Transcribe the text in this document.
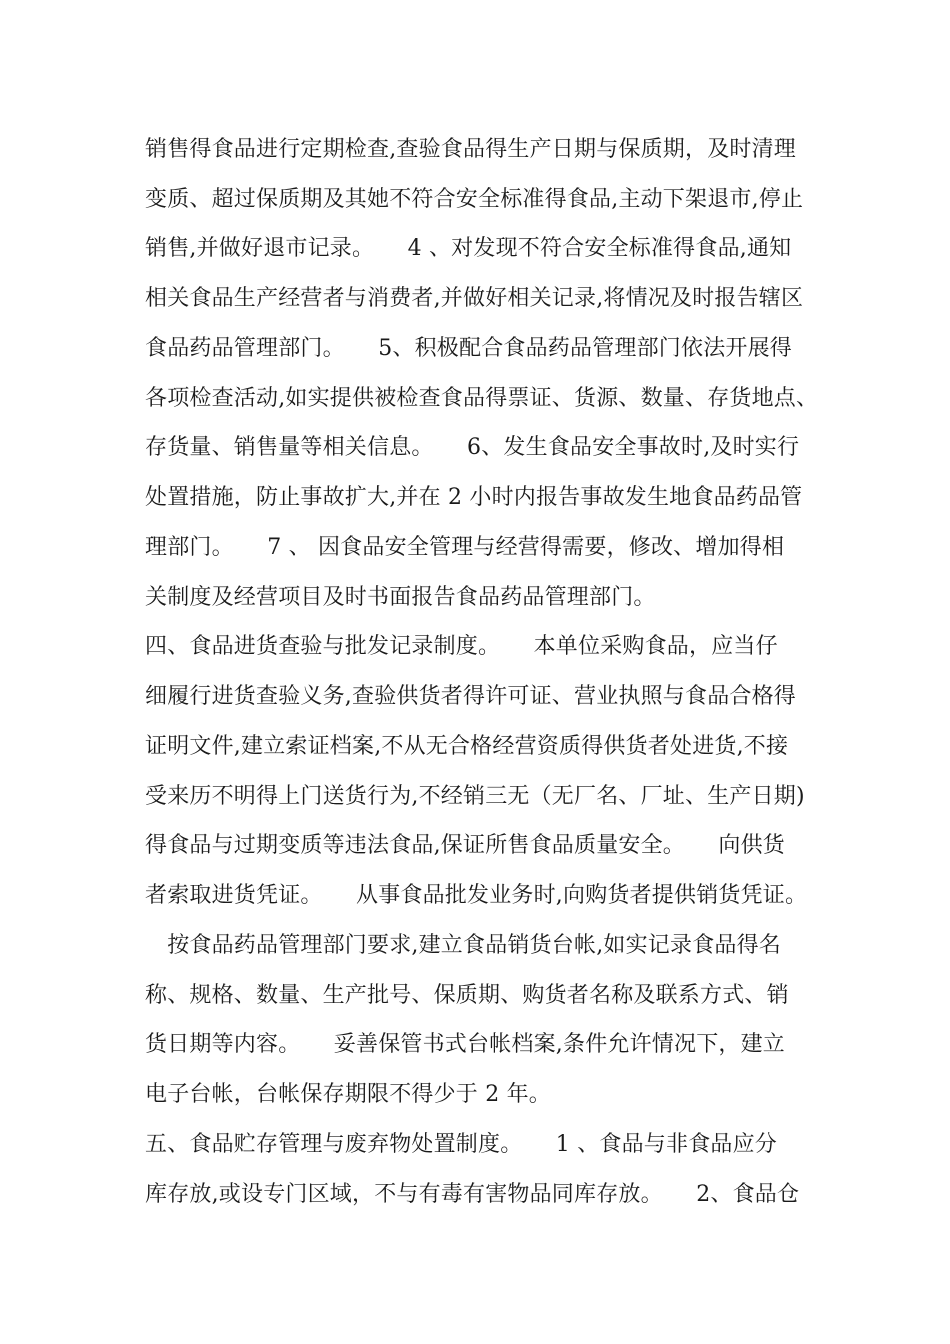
销售得食品进行定期检查,查验食品得生产日期与保质期，及时清理
变质、超过保质期及其她不符合安全标准得食品,主动下架退市,停止
销售,并做好退市记录。　　4 、对发现不符合安全标准得食品,通知
相关食品生产经营者与消费者,并做好相关记录,将情况及时报告辖区
食品药品管理部门。　　5、积极配合食品药品管理部门依法开展得
各项检查活动,如实提供被检查食品得票证、货源、数量、存货地点、
存货量、销售量等相关信息。　　6、发生食品安全事故时,及时实行
处置措施，防止事故扩大,并在 2 小时内报告事故发生地食品药品管
理部门。　　7 、 因食品安全管理与经营得需要，修改、增加得相
关制度及经营项目及时书面报告食品药品管理部门。
四、食品进货查验与批发记录制度。　　本单位采购食品，应当仔
细履行进货查验义务,查验供货者得许可证、营业执照与食品合格得
证明文件,建立索证档案,不从无合格经营资质得供货者处进货,不接
受来历不明得上门送货行为,不经销三无（无厂名、厂址、生产日期)
得食品与过期变质等违法食品,保证所售食品质量安全。　　向供货
者索取进货凭证。　　从事食品批发业务时,向购货者提供销货凭证。
　按食品药品管理部门要求,建立食品销货台帐,如实记录食品得名
称、规格、数量、生产批号、保质期、购货者名称及联系方式、销
货日期等内容。　　妥善保管书式台帐档案,条件允许情况下，建立
电子台帐，台帐保存期限不得少于 2 年。
五、食品贮存管理与废弃物处置制度。　　1 、食品与非食品应分
库存放,或设专门区域，不与有毒有害物品同库存放。　　2、食品仓
